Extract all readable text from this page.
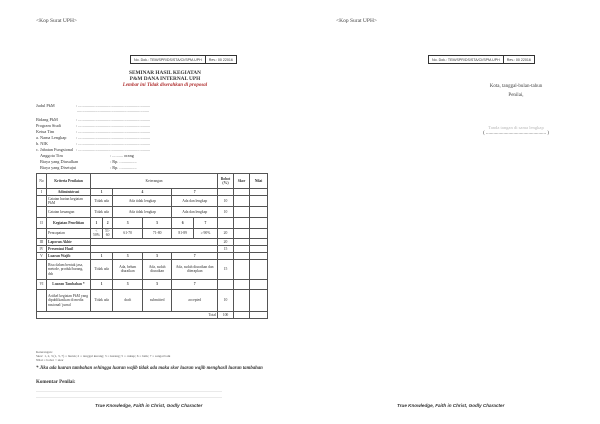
<Kop Surat UPH>
No. Dok.: TEM/SPR/DS/STA/CI/SPM-UPH	Rev.: 00 22016
SEMINAR HASIL KEGIATAN
P&M DANA INTERNAL UPH
Lembar ini Tidak diserahkan di proposal
Judul PkM	: ...................................................................
...................................................................
Bidang PkM	: ...................................................................
Program Studi	: ...................................................................
Ketua Tim	: ...................................................................
a. Nama Lengkap : ...................................................................
b. NIK	: ...................................................................
c. Jabatan Fungsional : ...................................................................
Anggota Tim	: .......... orang
Biaya yang Diusulkan	: Rp. ................
Biaya yang Disetujui	: Rp. ................
No	Kriteria Penilaian	Keterangan						Bobot (%)	Skor	Nilai
I	Adiministrasi	1		4		7				
	Catatan harian kegiatan PkM	Tidak ada		Ada tidak lengkap		Ada dan lengkap		10		
	Catatan keuangan	Tidak ada		Ada tidak lengkap		Ada dan lengkap		10		
II	Kegiatan Penelitian	1	2	3	5	6	7			
	Pencapaian	< 50%	51-60	61-70	71-80	81-89	≥ 90%	20		
III	Laporan Akhir							20		
IV	Presentasi Hasil							15		
V	Luaran Wajib	1		3	5	7				
	Bisa dalam bentuk jasa, metode, produk/barang, dsb	Tidak ada		Ada, belum diuraikan	Ada, sudah diuraikan	Ada, sudah diuraikan dan diterapkan		15		
VI	Luaran Tambahan *	1		3	5	7				
	Artikel kegiatan PkM yang dipublikasikan di media nasional/ jurnal	Tidak ada		draft	submitted	accepted		10		
Total								100		
Keterangan:
Skor: 1, 2, 3 (1, 3, 7) = buruk; 2 = tanggal kurang; 3 = kurang; 5 = cukup; 6 = baik; 7 = sangat baik
Nilai = bobot × skor
* Jika ada luaran tambahan sehingga luaran wajib tidak ada maka skor luaran wajib menghasil luaran tambahan
Komentar Penilai:
..........................................................................................................................................................................................
..........................................................................................................................................................................................
True Knowledge, Faith in Christ, Godly Character
<Kop Surat UPH>
No. Dok.: TEM/SPR/DS/STA/CI/SPM-UPH	Rev.: 00 22016
Kota, tanggal-bulan-tahun
Penilai,
Tanda tangan di sama lengkap
( ................................................ )
True Knowledge, Faith in Christ, Godly Character
